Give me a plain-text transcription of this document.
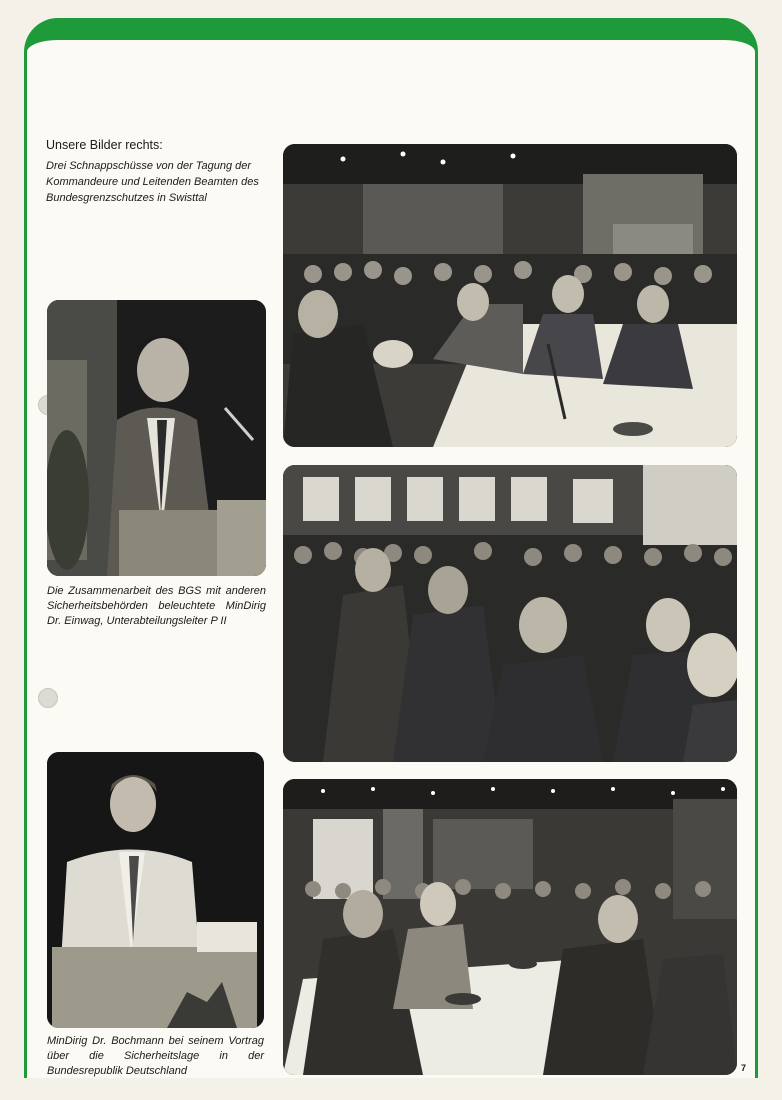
Unsere Bilder rechts:
Drei Schnappschüsse von der Tagung der Kommandeure und Leitenden Beamten des Bundesgrenzschutzes in Swisttal
Die Zusammenarbeit des BGS mit anderen Sicherheitsbehörden beleuchtete MinDirig Dr. Einwag, Unterabteilungsleiter P II
MinDirig Dr. Bochmann bei seinem Vortrag über die Sicherheitslage in der Bundesrepublik Deutschland	7
